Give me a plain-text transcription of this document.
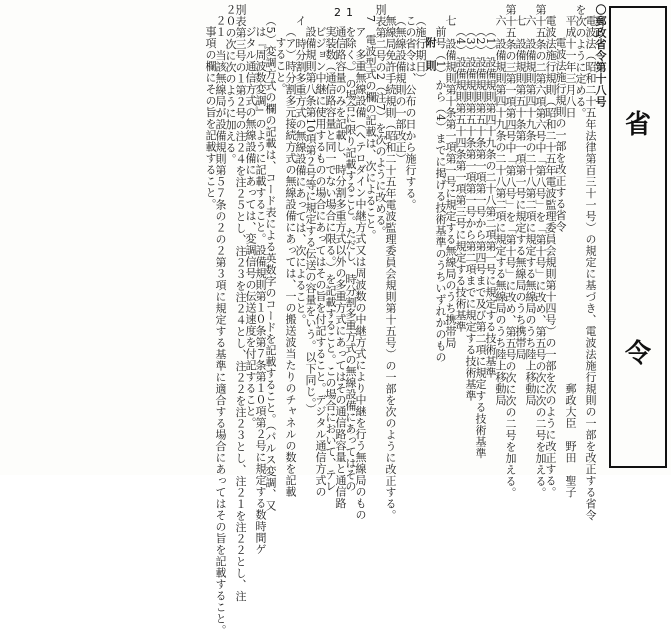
省
令
1
2	〇郵政省令第十八号
電波法（昭和二十五年法律第百三十一号）の規定に基づき、電波法施行規則の一部を改正する省令
を次のように定める。
平成十一年三月八日　　　　　　　　　　　　　　　　　　　　　　　郵政大臣　野田　聖子
電波法施行規則の一部を改正する省令
電波法施行規則（昭和二十五年電波監理委員会規則第十四号）の一部を次のように改正する。
第十五条の二第六項第六号中「第八号」を「第十号」に改め、第五号の次に次の二号を加える。
六　設備規則第四十九条の二十八第二項に規定する無線局のうち陸上移動局
七　設備規則第五十条第一項第一号に規定する無線局のうち携帯局
第十五条の三第一項第四号中「第八号」を「第十号」に改め、第五号の次に次の二号を加える。
六　設備規則第四十九条の二十八第二項に規定する無線局のうち陸上移動局
（1）設備規則第四十九条の二十八第二項第一号に規定する技術基準
（2）設備規則第五十条第一項第一号から第四号まで及び第二項に規定する技術基準
（3）設備規則第五十条第一項第一号から第二項までに規定する技術基準
（4）設備規則第五十四条第一項第三号に規定する技術基準
七　設備規則第十条第一項第一号に規定する無線局のうち携帯局
前号（1）から（4）までに掲げる技術基準のうちいずれかのもの
附　則
（施行期日）
この省令は、公布の日から施行する。
（無線設備規則の一部改正）
無線局免許手続規則（昭和二十五年電波監理委員会規則第十五号）の一部を次のように改正する。
別表第二号の2（注7）を次のように改める。
7　電波型式の欄の記載は、次によること。
ア　多重無線設備（ヘテロダイン中継方式又は周波数の中継方式により中継を行う無線局のもの
を除く。）の場合に限り記載すること。ただし、時分割多重方式の無線設備にあってはその
通信路容量のみを記載し、時分割多重方式以外の多重方式にあってはその通信路容量と通信路
実装数（通信路容量と同一でない場合に限る。）を記載すること。この場合において、テレ
ビジョン中継に使用するものの場合にあってはその旨を付記すること。デジタル通信方式の
設備規則第八条第10項第２号等に規定する伝送の容量をいう。以下同じ。）
イ　時分割多重方式の無線設備にあっては、次によること。
（ア）時分割多元接続方式の無線設備にあっては、一の搬送波当たりのチャネルの数を記載
すること。
（5）変調方式の欄の記載は、コード表による英数字のコードを記載すること。（パルス変調、又
は『周波数変調』のように記載すること。設備規則第１０条第７条第１０項第２号に規定する数時間ゲ
ジタル通信方式の無線設備にあっては、変調信号の伝送速度を付記すること。
別表第三号の１第２号の注２４を注２５とし、注２３を注２４とし、注２２を注２３とし、注２１を注２２とし、注
２０の次に次のように加える。
２１　当該無線局が設備規則第５７条の２の２第３項に規定する基準に適合する場合にあってはその旨を記載すること。
事項の欄にその旨を記載すること。
